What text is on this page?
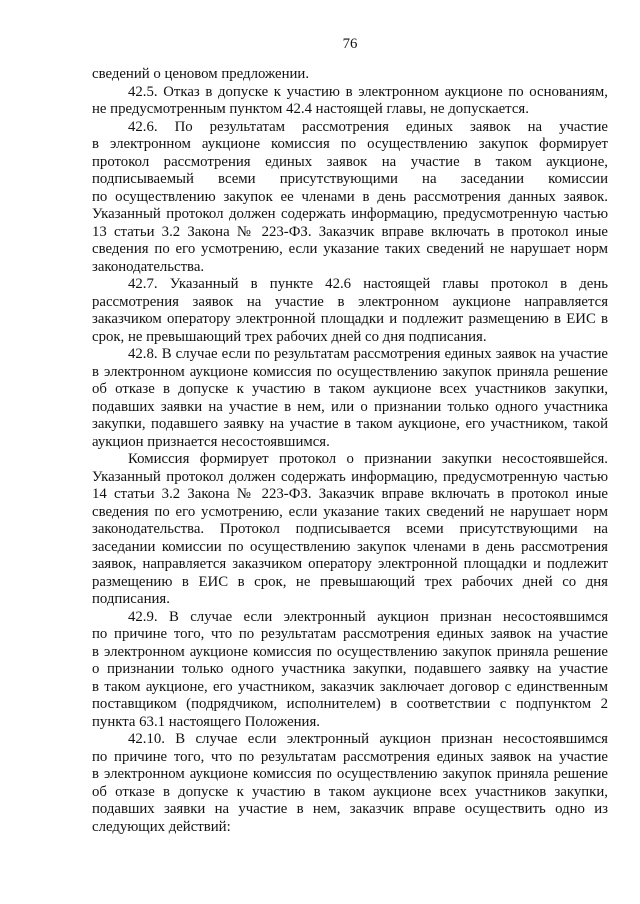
76
сведений о ценовом предложении.
42.5. Отказ в допуске к участию в электронном аукционе по основаниям,
не предусмотренным пунктом 42.4 настоящей главы, не допускается.
42.6. По результатам рассмотрения единых заявок на участие
в электронном аукционе комиссия по осуществлению закупок формирует
протокол рассмотрения единых заявок на участие в таком аукционе,
подписываемый всеми присутствующими на заседании комиссии
по осуществлению закупок ее членами в день рассмотрения данных заявок.
Указанный протокол должен содержать информацию, предусмотренную частью
13 статьи 3.2 Закона № 223-ФЗ. Заказчик вправе включать в протокол иные
сведения по его усмотрению, если указание таких сведений не нарушает норм
законодательства.
42.7. Указанный в пункте 42.6 настоящей главы протокол в день
рассмотрения заявок на участие в электронном аукционе направляется
заказчиком оператору электронной площадки и подлежит размещению в ЕИС в
срок, не превышающий трех рабочих дней со дня подписания.
42.8. В случае если по результатам рассмотрения единых заявок на участие
в электронном аукционе комиссия по осуществлению закупок приняла решение
об отказе в допуске к участию в таком аукционе всех участников закупки,
подавших заявки на участие в нем, или о признании только одного участника
закупки, подавшего заявку на участие в таком аукционе, его участником, такой
аукцион признается несостоявшимся.
Комиссия формирует протокол о признании закупки несостоявшейся.
Указанный протокол должен содержать информацию, предусмотренную частью
14 статьи 3.2 Закона № 223-ФЗ. Заказчик вправе включать в протокол иные
сведения по его усмотрению, если указание таких сведений не нарушает норм
законодательства. Протокол подписывается всеми присутствующими на
заседании комиссии по осуществлению закупок членами в день рассмотрения
заявок, направляется заказчиком оператору электронной площадки и подлежит
размещению в ЕИС в срок, не превышающий трех рабочих дней со дня
подписания.
42.9. В случае если электронный аукцион признан несостоявшимся
по причине того, что по результатам рассмотрения единых заявок на участие
в электронном аукционе комиссия по осуществлению закупок приняла решение
о признании только одного участника закупки, подавшего заявку на участие
в таком аукционе, его участником, заказчик заключает договор с единственным
поставщиком (подрядчиком, исполнителем) в соответствии с подпунктом 2
пункта 63.1 настоящего Положения.
42.10. В случае если электронный аукцион признан несостоявшимся
по причине того, что по результатам рассмотрения единых заявок на участие
в электронном аукционе комиссия по осуществлению закупок приняла решение
об отказе в допуске к участию в таком аукционе всех участников закупки,
подавших заявки на участие в нем, заказчик вправе осуществить одно из
следующих действий:
